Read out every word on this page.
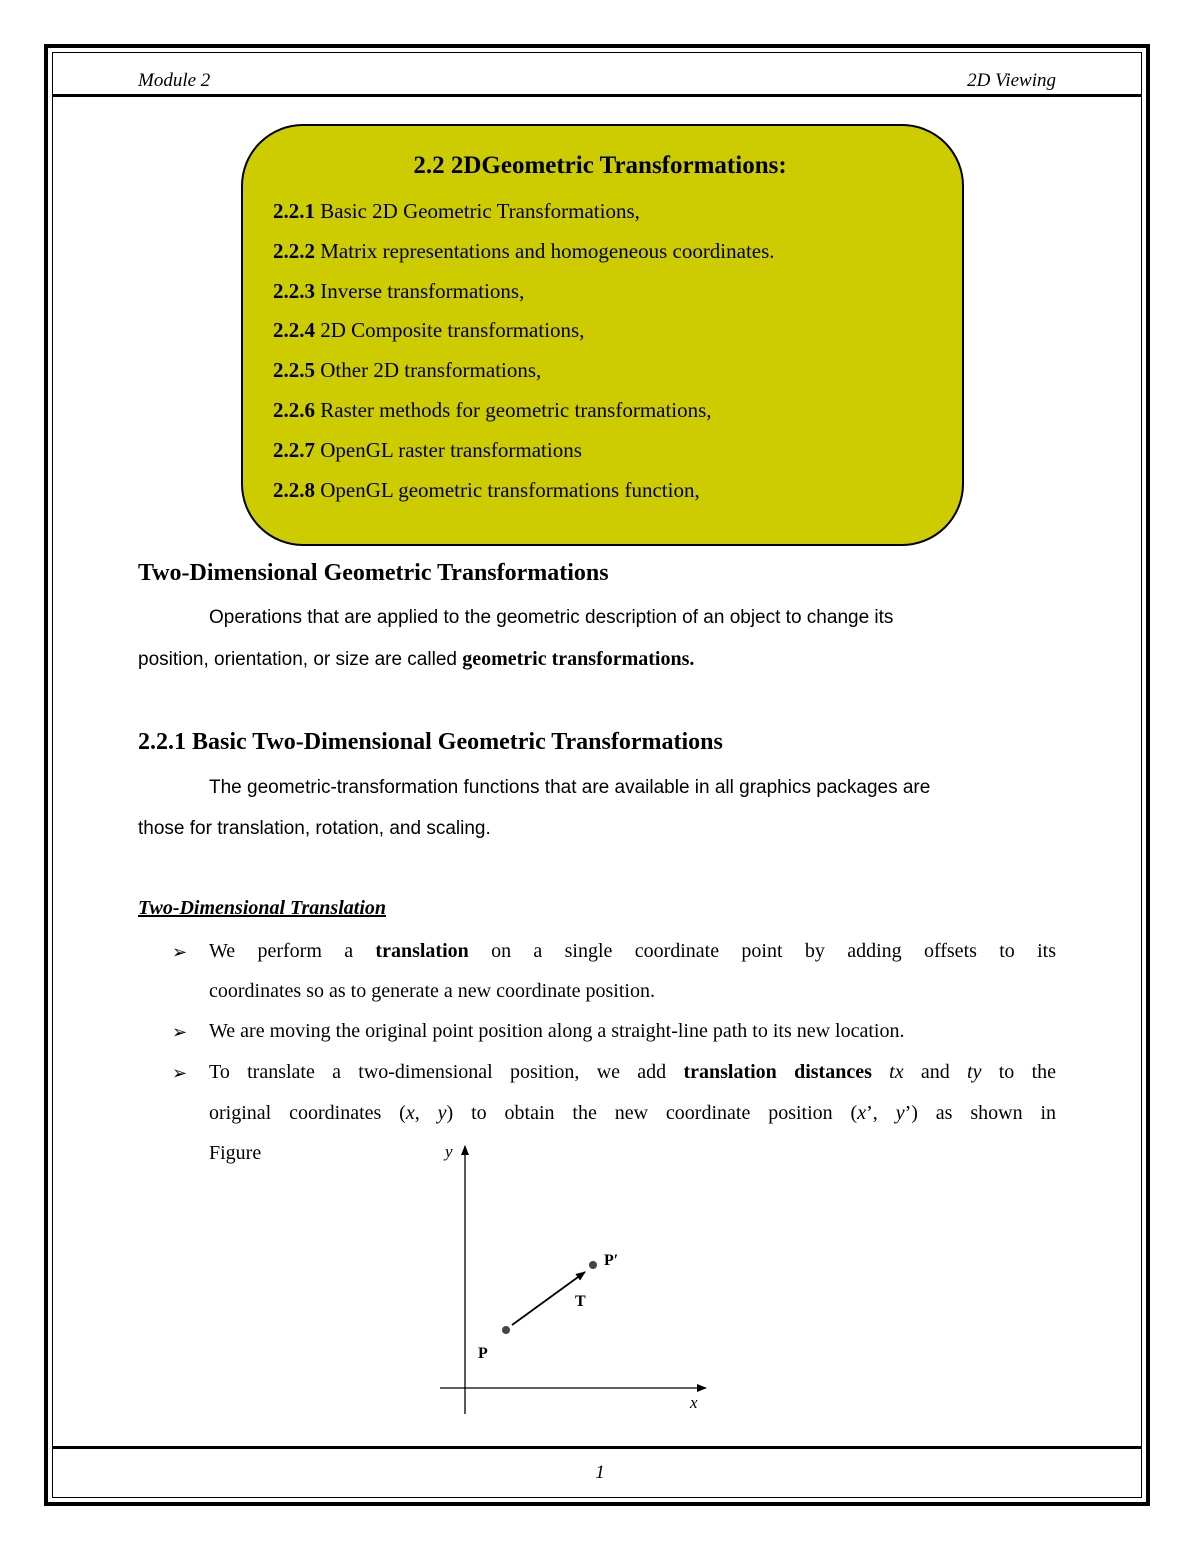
Module 2	2D Viewing
2.2 2DGeometric Transformations:
2.2.1 Basic 2D Geometric Transformations,
2.2.2 Matrix representations and homogeneous coordinates.
2.2.3 Inverse transformations,
2.2.4 2D Composite transformations,
2.2.5 Other 2D transformations,
2.2.6 Raster methods for geometric transformations,
2.2.7 OpenGL raster transformations
2.2.8 OpenGL geometric transformations function,
Two-Dimensional Geometric Transformations
Operations that are applied to the geometric description of an object to change its
position, orientation, or size are called geometric transformations.
2.2.1 Basic Two-Dimensional Geometric Transformations
The geometric-transformation functions that are available in all graphics packages are
those for translation, rotation, and scaling.
Two-Dimensional Translation
➢ We perform a translation on a single coordinate point by adding offsets to its
coordinates so as to generate a new coordinate position.
➢ We are moving the original point position along a straight-line path to its new location.
➢ To translate a two-dimensional position, we add translation distances tx and ty to the
original coordinates (x, y) to obtain the new coordinate position (x’, y’) as shown in
Figure	y
x
P
P′
T
1
